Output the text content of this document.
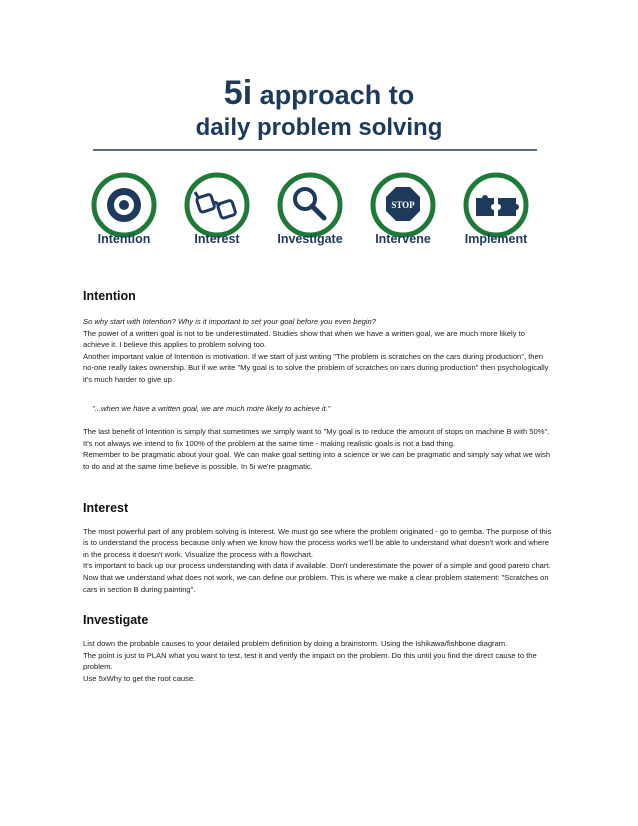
5i approach to
daily problem solving
Intention	Interest	Investigate
STOP
Intervene	Implement
Intention

So why start with Intention? Why is it important to set your goal before you even begin?

The power of a written goal is not to be underestimated. Studies show that when we have a written goal, we are much more likely to achieve it. I believe this applies to problem solving too.

Another important value of Intention is motivation. If we start of just writing "The problem is scratches on the cars during production", then no-one really takes ownership. But if we write "My goal is to solve the problem of scratches on cars during production" then psychologically it's much harder to give up.

"...when we have a written goal, we are much more likely to achieve it."

The last benefit of Intention is simply that sometimes we simply want to "My goal is to reduce the amount of stops on machine B with 50%". It's not always we intend to fix 100% of the problem at the same time - making realistic goals is not a bad thing.

Remember to be pragmatic about your goal. We can make goal setting into a science or we can be pragmatic and simply say what we wish to do and at the same time believe is possible. In 5i we're pragmatic.

Interest

The most powerful part of any problem solving is Interest. We must go see where the problem originated - go to gemba. The purpose of this is to understand the process because only when we know how the process works we'll be able to understand what doesn't work and where in the process it doesn't work. Visualize the process with a flowchart.

It's important to back up our process understanding with data if available. Don't underestimate the power of a simple and good pareto chart.

Now that we understand what does not work, we can define our problem. This is where we make a clear problem statement: "Scratches on cars in section B during painting".

Investigate

List down the probable causes to your detailed problem definition by doing a brainstorm. Using the Ishikawa/fishbone diagram.

The point is just to PLAN what you want to test, test it and verify the impact on the problem. Do this until you find the direct cause to the problem.

Use 5xWhy to get the root cause.
